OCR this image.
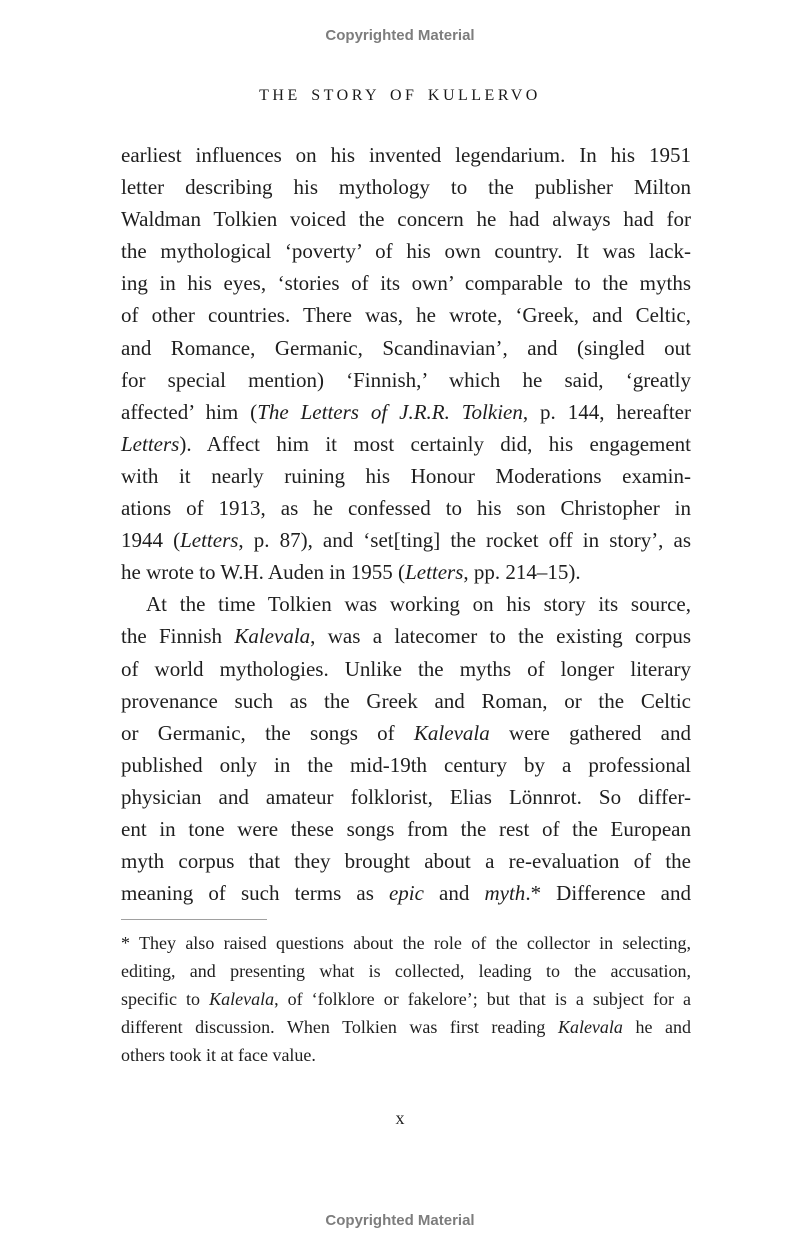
Copyrighted Material
THE STORY OF KULLERVO
earliest influences on his invented legendarium. In his 1951
letter describing his mythology to the publisher Milton
Waldman Tolkien voiced the concern he had always had for
the mythological ‘poverty’ of his own country. It was lack-
ing in his eyes, ‘stories of its own’ comparable to the myths
of other countries. There was, he wrote, ‘Greek, and Celtic,
and Romance, Germanic, Scandinavian’, and (singled out
for special mention) ‘Finnish,’ which he said, ‘greatly
affected’ him (The Letters of J.R.R. Tolkien, p. 144, hereafter
Letters). Affect him it most certainly did, his engagement
with it nearly ruining his Honour Moderations examin-
ations of 1913, as he confessed to his son Christopher in
1944 (Letters, p. 87), and ‘set[ting] the rocket off in story’, as
he wrote to W.H. Auden in 1955 (Letters, pp. 214–15).
At the time Tolkien was working on his story its source,
the Finnish Kalevala, was a latecomer to the existing corpus
of world mythologies. Unlike the myths of longer literary
provenance such as the Greek and Roman, or the Celtic
or Germanic, the songs of Kalevala were gathered and
published only in the mid-19th century by a professional
physician and amateur folklorist, Elias Lönnrot. So differ-
ent in tone were these songs from the rest of the European
myth corpus that they brought about a re-evaluation of the
meaning of such terms as epic and myth.* Difference and
* They also raised questions about the role of the collector in selecting,
editing, and presenting what is collected, leading to the accusation,
specific to Kalevala, of ‘folklore or fakelore’; but that is a subject for a
different discussion. When Tolkien was first reading Kalevala he and
others took it at face value.
x
Copyrighted Material
